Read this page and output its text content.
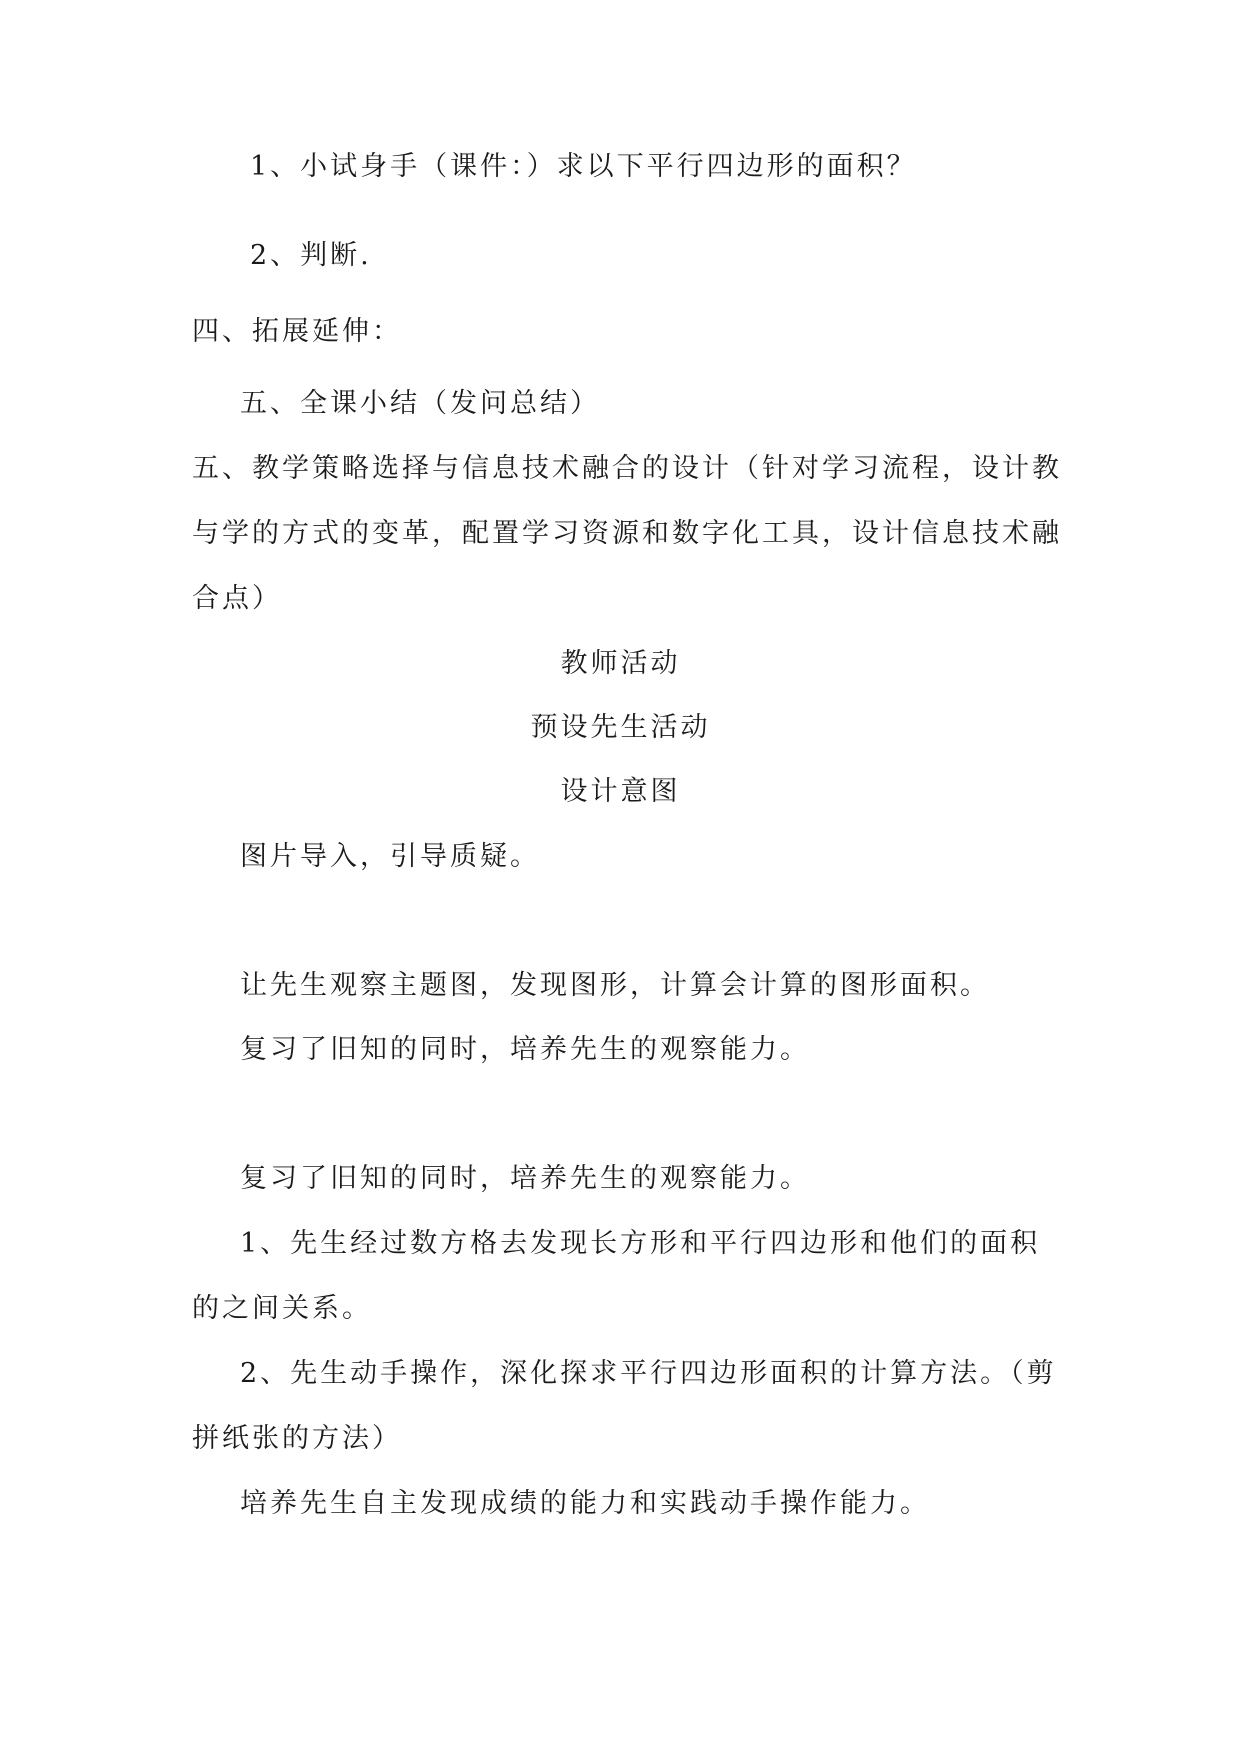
1、小试身手（课件：）求以下平行四边形的面积？
2、判断.
四、拓展延伸：
五、全课小结（发问总结）
五、教学策略选择与信息技术融合的设计（针对学习流程，设计教
与学的方式的变革，配置学习资源和数字化工具，设计信息技术融
合点）
教师活动
预设先生活动
设计意图
图片导入，引导质疑。
让先生观察主题图，发现图形，计算会计算的图形面积。
复习了旧知的同时，培养先生的观察能力。
复习了旧知的同时，培养先生的观察能力。
1、先生经过数方格去发现长方形和平行四边形和他们的面积
的之间关系。
2、先生动手操作，深化探求平行四边形面积的计算方法。（剪
拼纸张的方法）
培养先生自主发现成绩的能力和实践动手操作能力。
